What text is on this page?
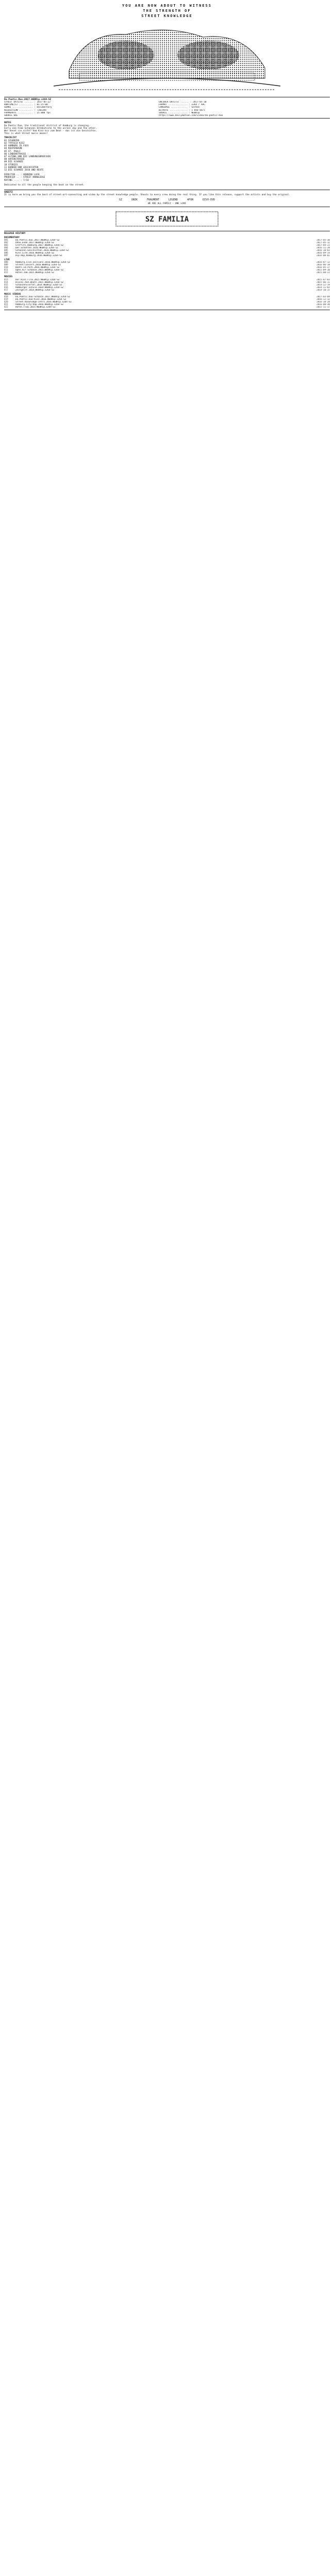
YOU ARE NOW ABOUT TO WITNESS
THE STRENGTH OF
STREET KNOWLEDGE
Da.Poetic.Duo.2017.WEBRip.x264-SZ
STREET DATE(S) ...... : 2017-05-22	ENCODER DATE(S) ...... : 2017-05-30
RUNTIME(S) .......... : 01:15:00	FORMAT .............. : x264 / AAC
GENRE ............... : Documentary	LANGUAGE ............ : German
RESOLUTION .......... : 720x394	BITRATE ............. : 1 850 kb/s
FRAMERATE ........... : 25.000 fps	SOURCE .............. : WEBRip
SOURCE URL	https://www.dailymotion.com/video/da-poetic-duo
NOTES
Da Poetic Duo, the traditional district of Hamburg is changing.
Early one-time Schanzen Ostdeutsche to the unreal day and the other.
Wer kennt sie nicht? Vom Kiez bis zum Beat - das ist die Geschichte.
This is what Street music means!
TRACKLIST
01 SCHANZEN
02 TYPISCH KIEZ
03 HAMBURG ZU FUSS
04 REEPERBAHN
05 ST. PAULI
06 LINDENSTRASSE
07 ALTONA UND DIE LANDUNGSBRUECKEN
08 HAFENSTRASSE
09 DIE SCHANZE
10 STORIES
11 BANDEN UND GESCHICHTEN
12 DIE SCHANZE 2010 UND HEUTE
DIRECTOR .. : HENNING LOCK
PRODUCER .. : STREET KNOWLEDGE
RATING .... : 7/10
Dedicated to all the people keeping the beat on the street.
GREETZ
It is here we bring you the best of street-art-connecting and video by the street knowledge people. Shouts to every crew doing the real thing. If you like this release, support the artists and buy the original.
SZ	UNIK	FRAGMENT	LEGEND	4FUN	DIVX-DVD
WE ARE ALL FAMILY - ONE LOVE
SZ FAMILIA
RELEASE HISTORY
DOCUMENTARY
001	Da.Poetic.Duo.2017.WEBRip.x264-SZ	2017-05-30
002	Ohne.Ende.2017.WEBRip.x264-SZ	2017-05-12
003	Graffiti.Hamburg.2017.WEBRip.x264-SZ	2017-04-22
004	Der.Schatten.2016.WEBRip.x264-SZ	2016-11-20
005	Schanzen.Geschichten.2016.WEBRip.x264-SZ	2016-10-03
006	Kiez.Life.2016.WEBRip.x264-SZ	2016-09-14
007	Hip.Hop.Hamburg.2016.WEBRip.x264-SZ	2016-08-01
LIVE
008	Hamburg.Live.Sessions.2016.WEBRip.x264-SZ	2016-07-12
009	Street.Concert.2016.WEBRip.x264-SZ	2016-06-18
010	Beats.Im.Park.2016.WEBRip.x264-SZ	2016-05-27
011	Open.Air.Schanze.2015.WEBRip.x264-SZ	2015-09-10
012	Hafen.Jam.2015.WEBRip.x264-SZ	2015-08-22
MOVIES
013	Der.Kiez.Film.2015.WEBRip.x264-SZ	2015-07-03
014	Blocks.And.Beats.2015.WEBRip.x264-SZ	2015-06-11
015	Schanzenviertel.2014.WEBRip.x264-SZ	2014-12-19
016	Hamburger.Schule.2014.WEBRip.x264-SZ	2014-11-02
017	Zeitgeist.2014.WEBRip.x264-SZ	2014-10-15
MUSIC VIDEOS
018	Da.Poetic.Duo-Schanze.2017.WEBRip.x264-SZ	2017-03-09
019	Da.Poetic.Duo-Kiez.2016.WEBRip.x264-SZ	2016-12-12
020	Street.Knowledge-Intro.2016.WEBRip.x264-SZ	2016-10-28
021	Hamburg.City-Rap.2016.WEBRip.x264-SZ	2016-08-30
022	Hafen.Flow.2015.WEBRip.x264-SZ	2015-11-17
